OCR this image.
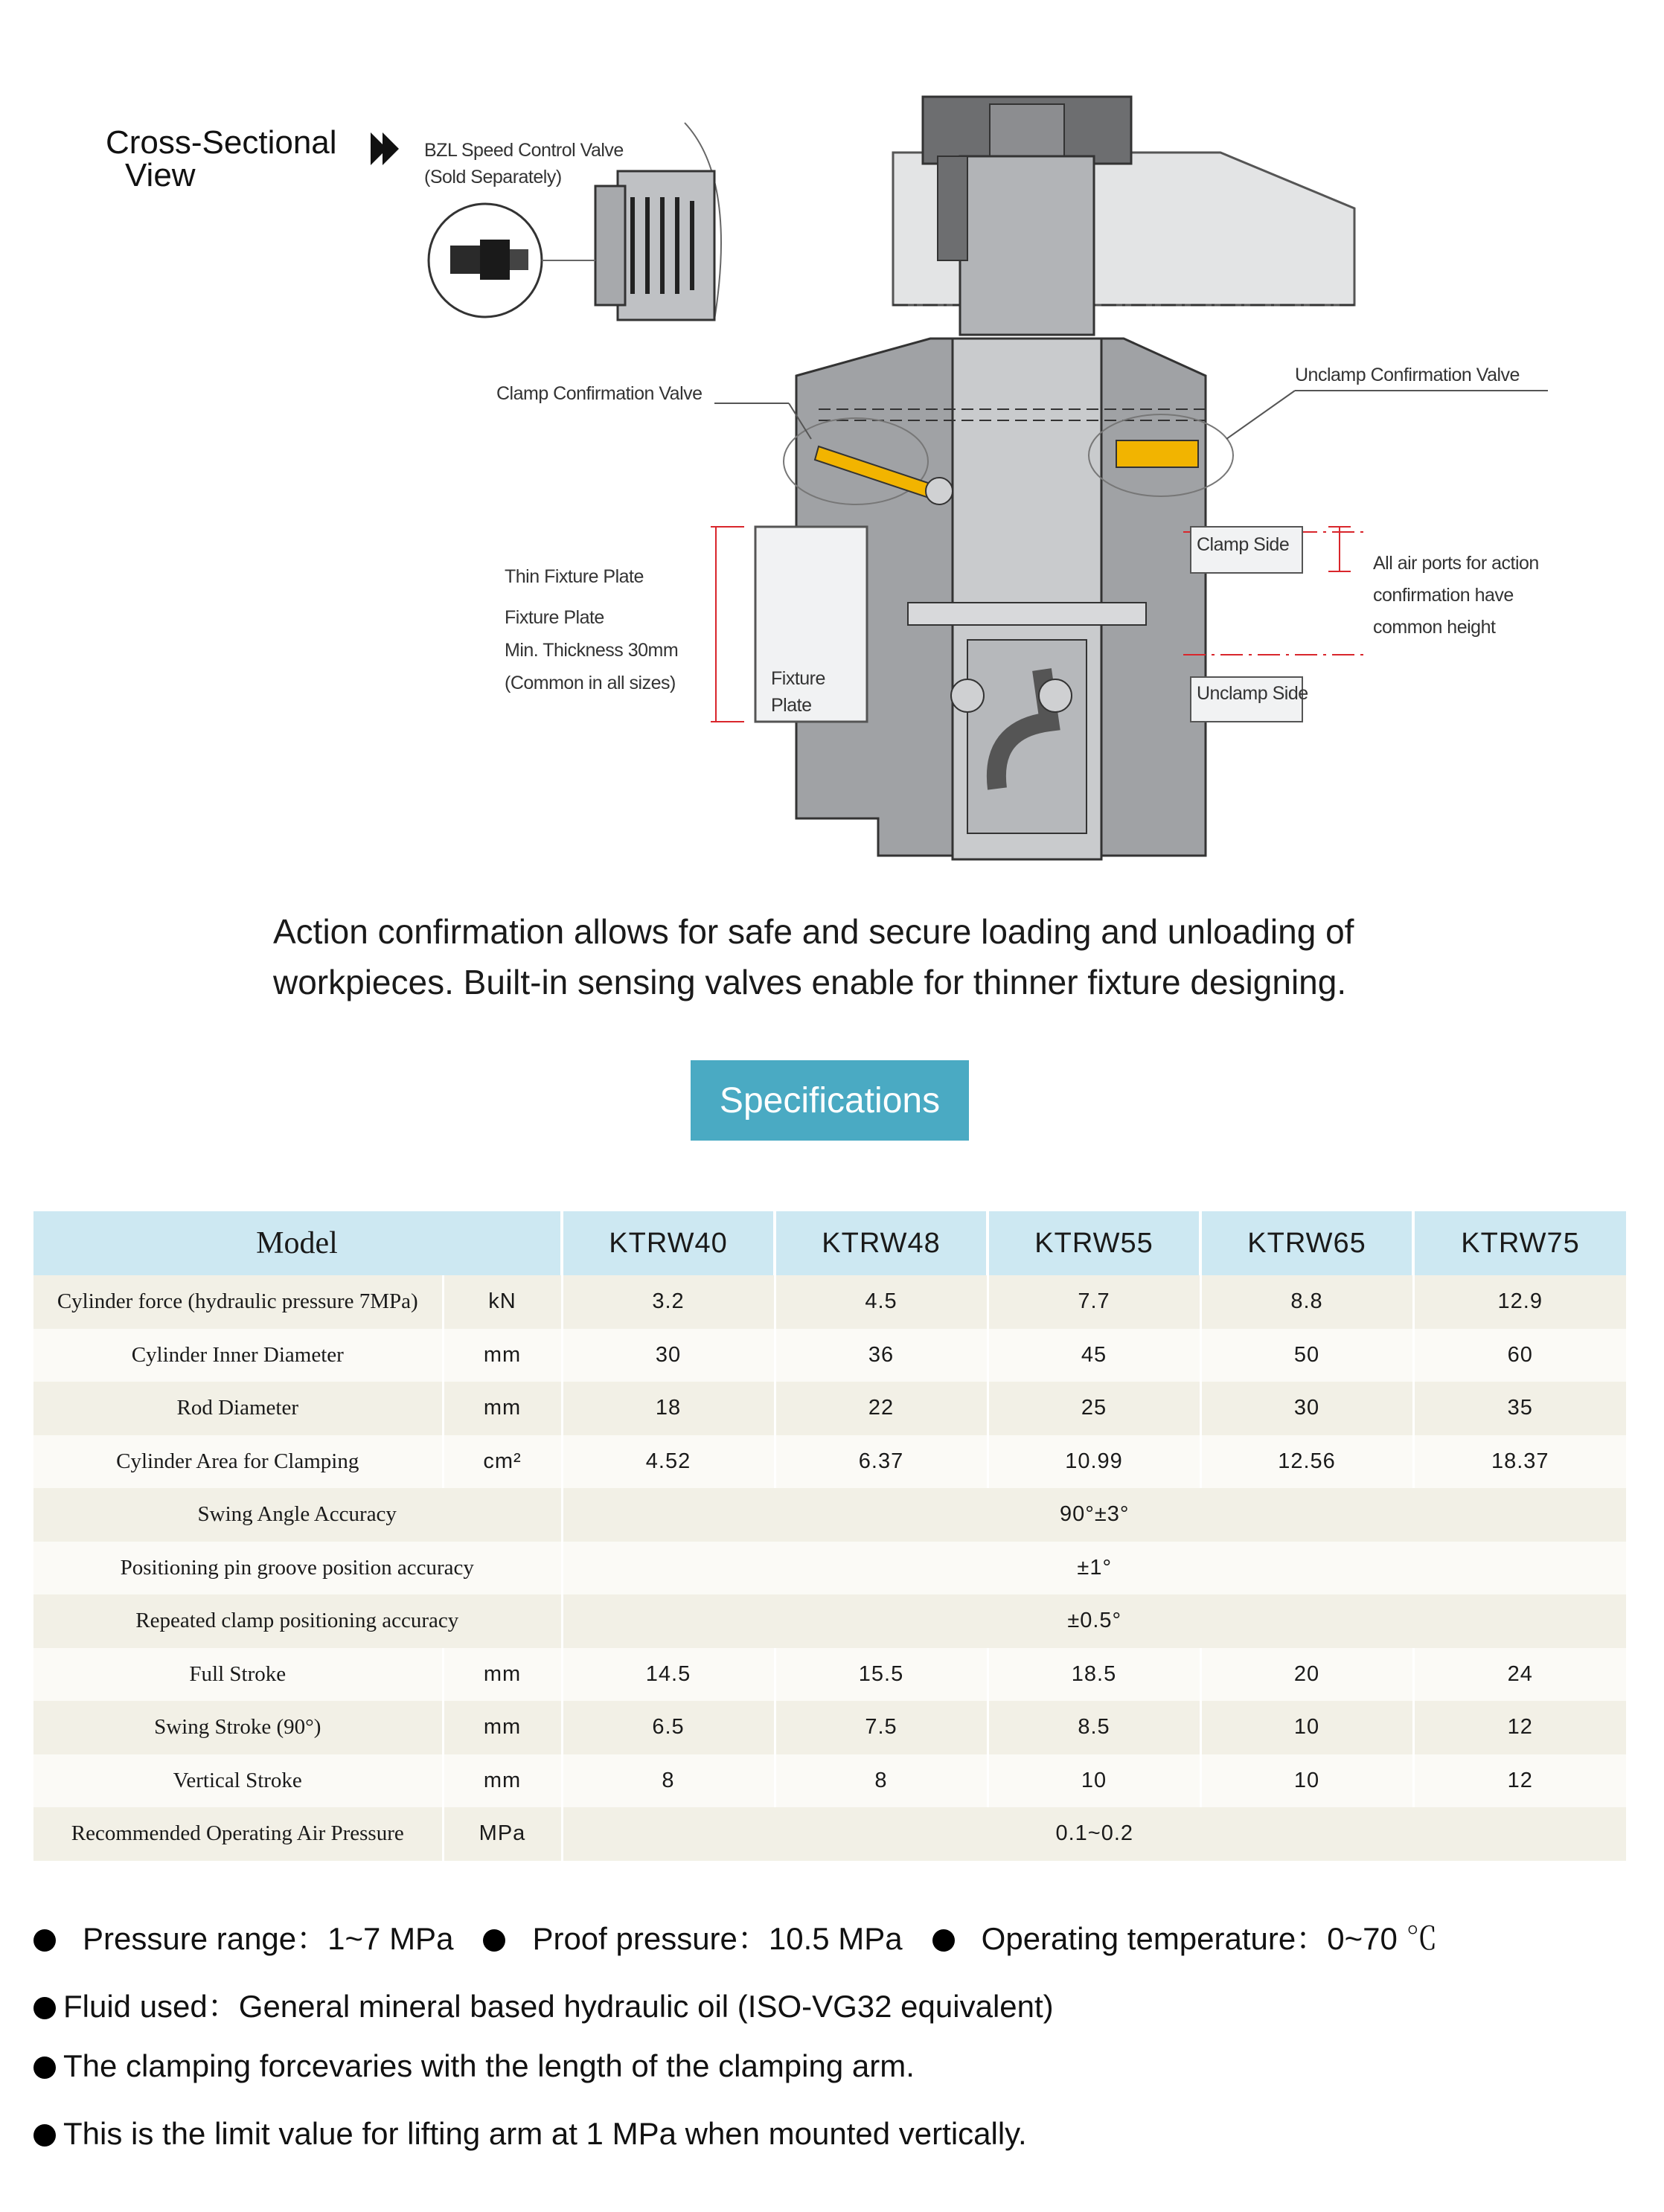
Cross-Sectional
View
BZL Speed Control Valve
(Sold Separately)
Clamp Confirmation Valve
Unclamp Confirmation Valve
Thin Fixture Plate
Fixture Plate
Min. Thickness 30mm
(Common in all sizes)	Fixture
Plate
Clamp Side
Unclamp Side
All air ports for action
confirmation have
common height
Action confirmation allows for safe and secure loading and unloading of
workpieces. Built-in sensing valves enable for thinner fixture designing.
Specifications
Model		KTRW40	KTRW48	KTRW55	KTRW65	KTRW75
Cylinder force (hydraulic pressure 7MPa)	kN	3.2	4.5	7.7	8.8	12.9
Cylinder Inner Diameter	mm	30	36	45	50	60
Rod Diameter	mm	18	22	25	30	35
Cylinder Area for Clamping	cm²	4.52	6.37	10.99	12.56	18.37
Swing Angle Accuracy		90°±3°				
Positioning pin groove position accuracy		±1°				
Repeated clamp positioning accuracy		±0.5°				
Full Stroke	mm	14.5	15.5	18.5	20	24
Swing Stroke (90°)	mm	6.5	7.5	8.5	10	12
Vertical Stroke	mm	8	8	10	10	12
Recommended Operating Air Pressure	MPa	0.1~0.2				
Pressure range：1~7 MPa	Proof pressure：10.5 MPa	Operating temperature：0~70 ℃
Fluid used：General mineral based hydraulic oil (ISO-VG32 equivalent)
The clamping forcevaries with the length of the clamping arm.
This is the limit value for lifting arm at 1 MPa when mounted vertically.
